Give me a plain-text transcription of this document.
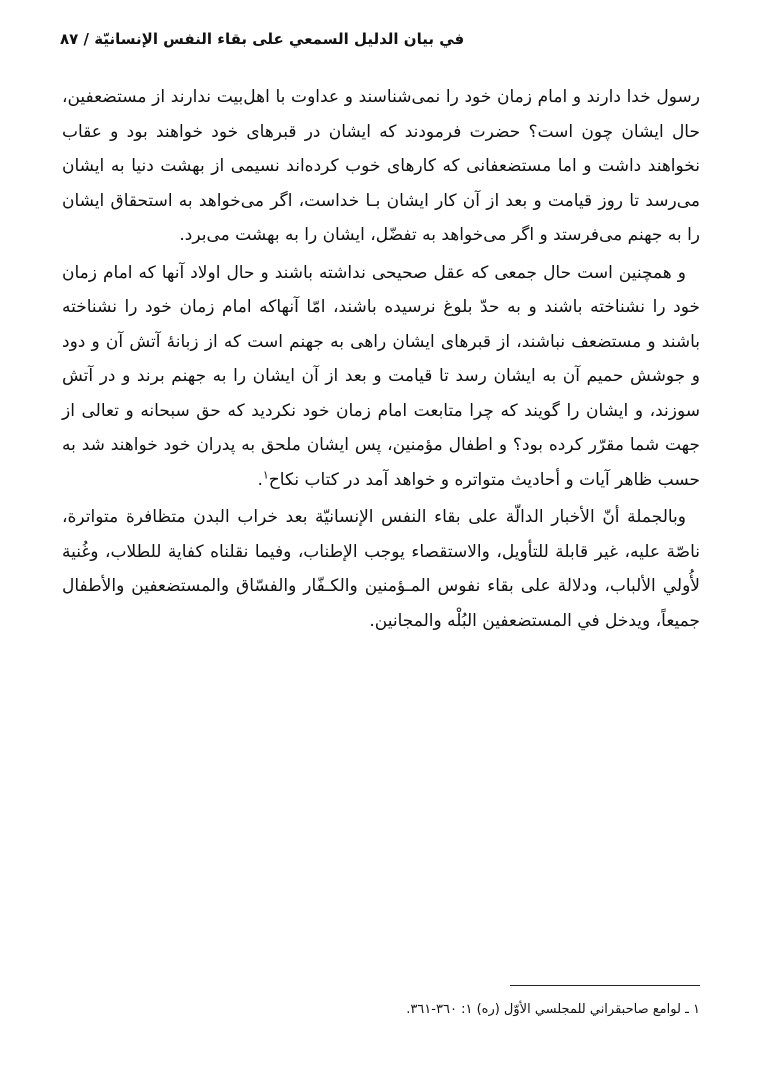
في بيان الدليل السمعي على بقاء النفس الإنسانيّة / ٨٧

رسول خدا دارند و امام زمان خود را نمی‌شناسند و عداوت با اهل‌بیت ندارند از مستضعفین، حال ایشان چون است؟ حضرت فرمودند که ایشان در قبرهای خود خواهند بود و عقاب نخواهند داشت و اما مستضعفانی که کارهای خوب کرده‌اند نسیمی از بهشت دنیا به ایشان می‌رسد تا روز قیامت و بعد از آن کار ایشان بـا خداست، اگر می‌خواهد به استحقاق ایشان را به جهنم می‌فرستد و اگر می‌خواهد به تفضّل، ایشان را به بهشت می‌برد.

و همچنین است حال جمعی که عقل صحیحی نداشته باشند و حال اولاد آنها که امام زمان خود را نشناخته باشند و به حدّ بلوغ نرسیده باشند، امّا آنهاکه امام زمان خود را نشناخته باشند و مستضعف نباشند، از قبرهای ایشان راهی به جهنم است که از زبانهٔ آتش آن و دود و جوشش حمیم آن به ایشان رسد تا قیامت و بعد از آن ایشان را به جهنم برند و در آتش سوزند، و ایشان را گویند که چرا متابعت امام زمان خود نکردید که حق سبحانه و تعالی از جهت شما مقرّر کرده بود؟ و اطفال مؤمنین، پس ایشان ملحق به پدران خود خواهند شد به حسب ظاهر آیات و أحادیث متواتره و خواهد آمد در کتاب نکاح$^١$.

وبالجملة أنّ الأخبار الدالّة على بقاء النفس الإنسانيّة بعد خراب البدن متظافرة متواترة، ناصّة عليه، غير قابلة للتأويل، والاستقصاء يوجب الإطناب، وفيما نقلناه كفاية للطلاب، وغُنية لأُولي الألباب، ودلالة على بقاء نفوس المـؤمنين والكـفّار والفسّاق والمستضعفين والأطفال جميعاً، ويدخل في المستضعفين البُلْه والمجانين.

١ ـ لوامع صاحبقراني للمجلسي الأوّل (ره) ١: ٣٦٠-٣٦١.
